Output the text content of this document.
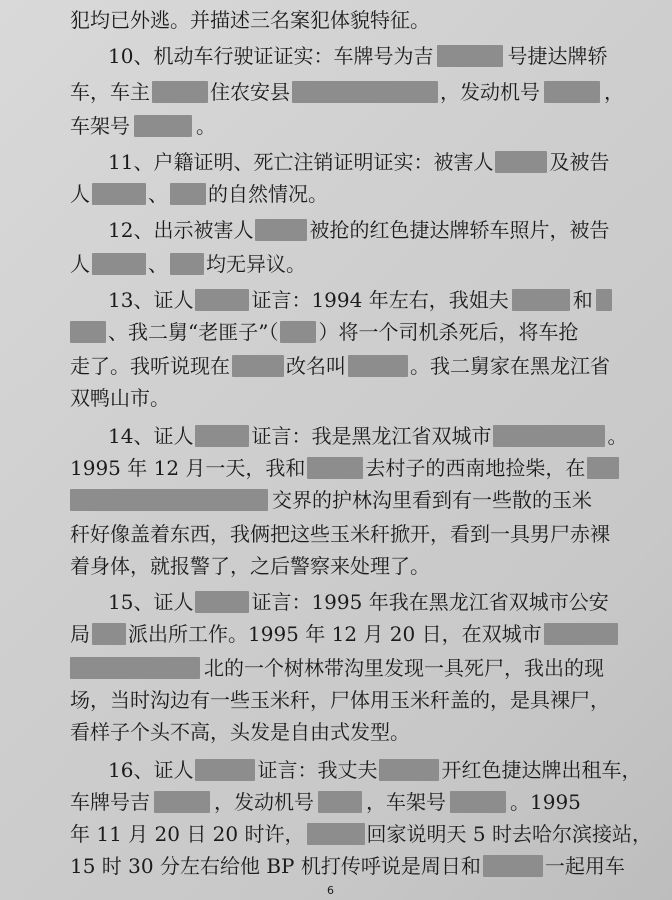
犯均已外逃。并描述三名案犯体貌特征。
10、机动车行驶证证实：车牌号为吉	号捷达牌轿
车，车主	住农安县	，发动机号	，
车架号	。
11、户籍证明、死亡注销证明证实：被害人	及被告
人	、 的自然情况。
12、出示被害人	被抢的红色捷达牌轿车照片，被告
人	、 均无异议。
13、证人	证言：1994 年左右，我姐夫	和
、我二舅“老匪子”（ ）将一个司机杀死后，将车抢
走了。我听说现在	改名叫	。我二舅家在黑龙江省
双鸭山市。
14、证人	证言：我是黑龙江省双城市	。
1995 年 12 月一天，我和	去村子的西南地捡柴，在
交界的护林沟里看到有一些散的玉米
秆好像盖着东西，我俩把这些玉米秆掀开，看到一具男尸赤裸
着身体，就报警了，之后警察来处理了。
15、证人	证言：1995 年我在黑龙江省双城市公安
局 派出所工作。1995 年 12 月 20 日，在双城市
北的一个树林带沟里发现一具死尸，我出的现
场，当时沟边有一些玉米秆，尸体用玉米秆盖的，是具裸尸，
看样子个头不高，头发是自由式发型。
16、证人	证言：我丈夫	开红色捷达牌出租车，
车牌号吉	，发动机号	，车架号	。1995
年 11 月 20 日 20 时许，	回家说明天 5 时去哈尔滨接站，
15 时 30 分左右给他 BP 机打传呼说是周日和	一起用车
6
